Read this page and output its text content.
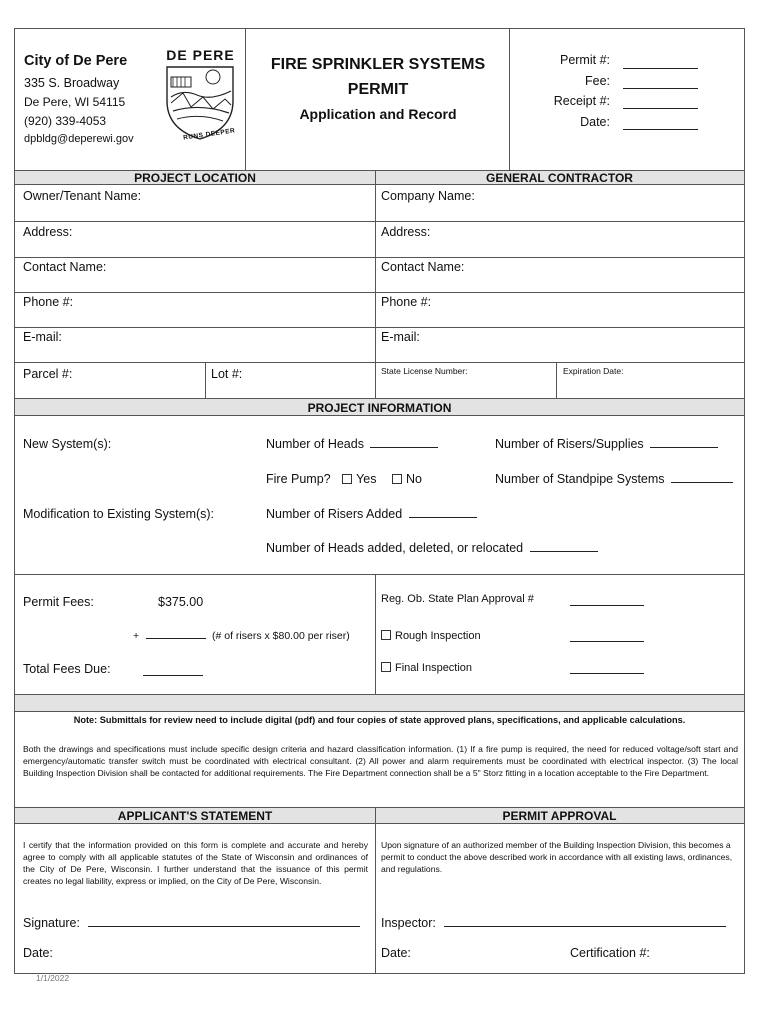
City of De Pere
335 S. Broadway
De Pere, WI 54115
(920) 339-4053
dpbldg@deperewi.gov
DE PERE
RUNS DEEPER
FIRE SPRINKLER SYSTEMS
PERMIT
Application and Record
Permit #:
Fee:
Receipt #:
Date:
PROJECT LOCATION	GENERAL CONTRACTOR
Owner/Tenant Name:	Company Name:
Address:	Address:
Contact Name:	Contact Name:
Phone #:	Phone #:
E-mail:	E-mail:
Parcel #:	Lot #:	State License Number:	Expiration Date:
PROJECT INFORMATION
New System(s):	Number of Heads	Number of Risers/Supplies
Fire Pump? Yes No	Number of Standpipe Systems
Modification to Existing System(s):	Number of Risers Added
Number of Heads added, deleted, or relocated
Permit Fees:	$375.00
+	(# of risers x $80.00 per riser)
Total Fees Due:
Reg. Ob. State Plan Approval #
Rough Inspection
Final Inspection
Note: Submittals for review need to include digital (pdf) and four copies of state approved plans, specifications, and applicable calculations.
Both the drawings and specifications must include specific design criteria and hazard classification information. (1) If a fire pump is required, the need for reduced voltage/soft start and emergency/automatic transfer switch must be coordinated with electrical consultant. (2) All power and alarm requirements must be coordinated with electrical inspector. (3) The local Building Inspection Division shall be contacted for additional requirements. The Fire Department connection shall be a 5" Storz fitting in a location acceptable to the Fire Department.
APPLICANT'S STATEMENT	PERMIT APPROVAL
I certify that the information provided on this form is complete and accurate and hereby agree to comply with all applicable statutes of the State of Wisconsin and ordinances of the City of De Pere, Wisconsin. I further understand that the issuance of this permit creates no legal liability, express or implied, on the City of De Pere, Wisconsin.
Upon signature of an authorized member of the Building Inspection Division, this becomes a permit to conduct the above described work in accordance with all existing laws, ordinances, and regulations.
Signature:	Inspector:
Date:	Date:	Certification #:
1/1/2022
